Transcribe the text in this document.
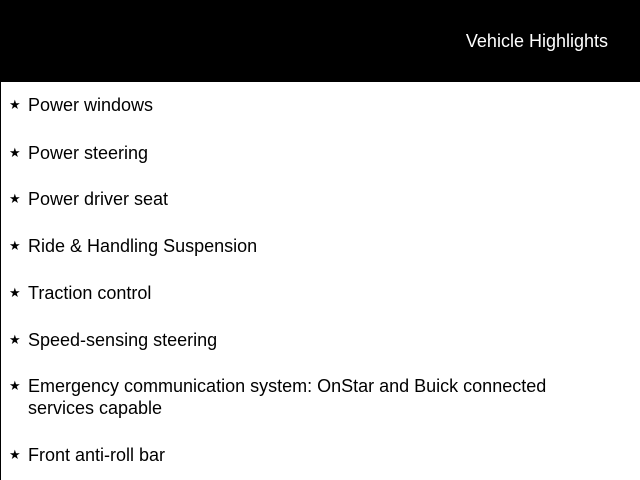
Vehicle Highlights
★ Power windows
★ Power steering
★ Power driver seat
★ Ride & Handling Suspension
★ Traction control
★ Speed-sensing steering
★ Emergency communication system: OnStar and Buick connected services capable
★ Front anti-roll bar
